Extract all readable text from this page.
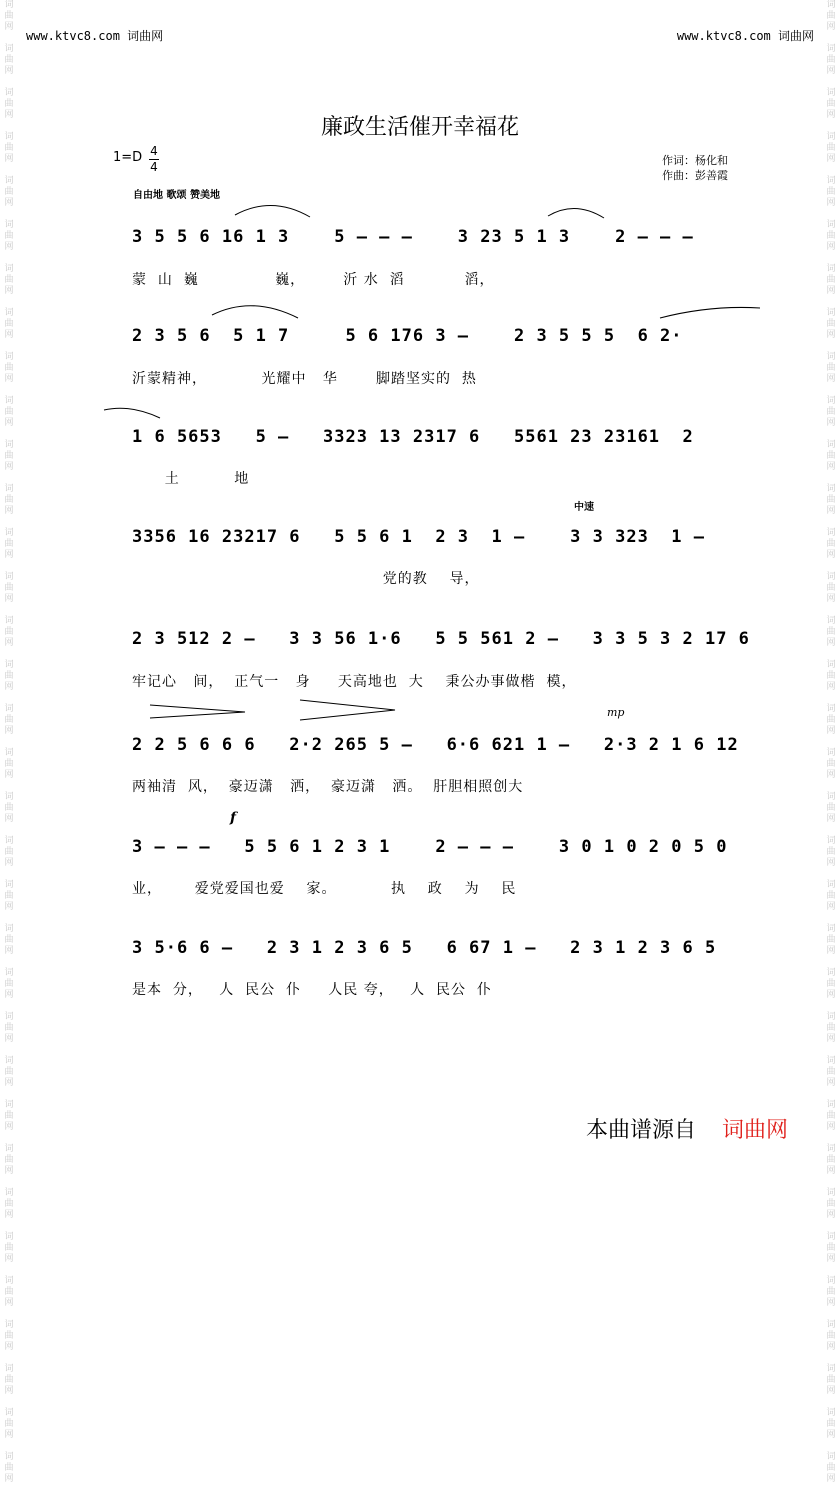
词
曲
网

词
曲
网

词
曲
网

词
曲
网

词
曲
网

词
曲
网

词
曲
网

词
曲
网

词
曲
网

词
曲
网

词
曲
网

词
曲
网

词
曲
网

词
曲
网

词
曲
网

词
曲
网

词
曲
网

词
曲
网

词
曲
网

词
曲
网

词
曲
网

词
曲
网

词
曲
网

词
曲
网

词
曲
网

词
曲
网

词
曲
网

词
曲
网

词
曲
网

词
曲
网

词
曲
网

词
曲
网

词
曲
网

词
曲
网

词
曲
网

词
曲
网

词
曲
网

词
曲
网

词
曲
网

词
曲
网

词
曲
网

词
曲
网

词
曲
网

词
曲
网

词
曲
网

词
曲
网

词
曲
网

词
曲
网

词
曲
网

词
曲
网

词
曲
网

词
曲
网

词
曲
网

词
曲
网

词
曲
网

词
曲
网

词
曲
网

词
曲
网

词
曲
网

词
曲
网

词
曲
网

词
曲
网

词
曲
网

词
曲
网

词
曲
网

词
曲
网

词
曲
网

词
曲
网

www.ktvc8.com 词曲网	www.ktvc8.com 词曲网
廉政生活催开幸福花
1=D 4
4	作词：杨化和
作曲：彭善霞
自由地 歌颂 赞美地
中速
mp
f
3 5 5 6 16 1 3    5 – – –    3 23 5 1 3    2 – – –
蒙  山  巍              巍，       沂 水  滔           滔，
2 3 5 6  5 1 7     5 6 176 3 –    2 3 5 5 5  6 2·
沂蒙精神，          光耀中   华       脚踏坚实的  热
1 6 5653   5 –   3323 13 2317 6   5561 23 23161  2
土          地
3356 16 23217 6   5 5 6 1  2 3  1 –    3 3 323  1 –
党的教    导，
2 3 512 2 –   3 3 56 1·6   5 5 561 2 –   3 3 5 3 2 17 6
牢记心   间，  正气一   身     天高地也  大    秉公办事做楷  模，
2 2 5 6 6 6   2·2 265 5 –   6·6 621 1 –   2·3 2 1 6 12
两袖清  风，  豪迈潇   洒，  豪迈潇   洒。  肝胆相照创大
3 – – –   5 5 6 1 2 3 1    2 – – –    3 0 1 0 2 0 5 0
业，      爱党爱国也爱    家。          执    政    为    民
3 5·6 6 –   2 3 1 2 3 6 5   6 67 1 –   2 3 1 2 3 6 5
是本  分，   人  民公  仆     人民 夸，   人  民公  仆
本曲谱源自 词曲网
